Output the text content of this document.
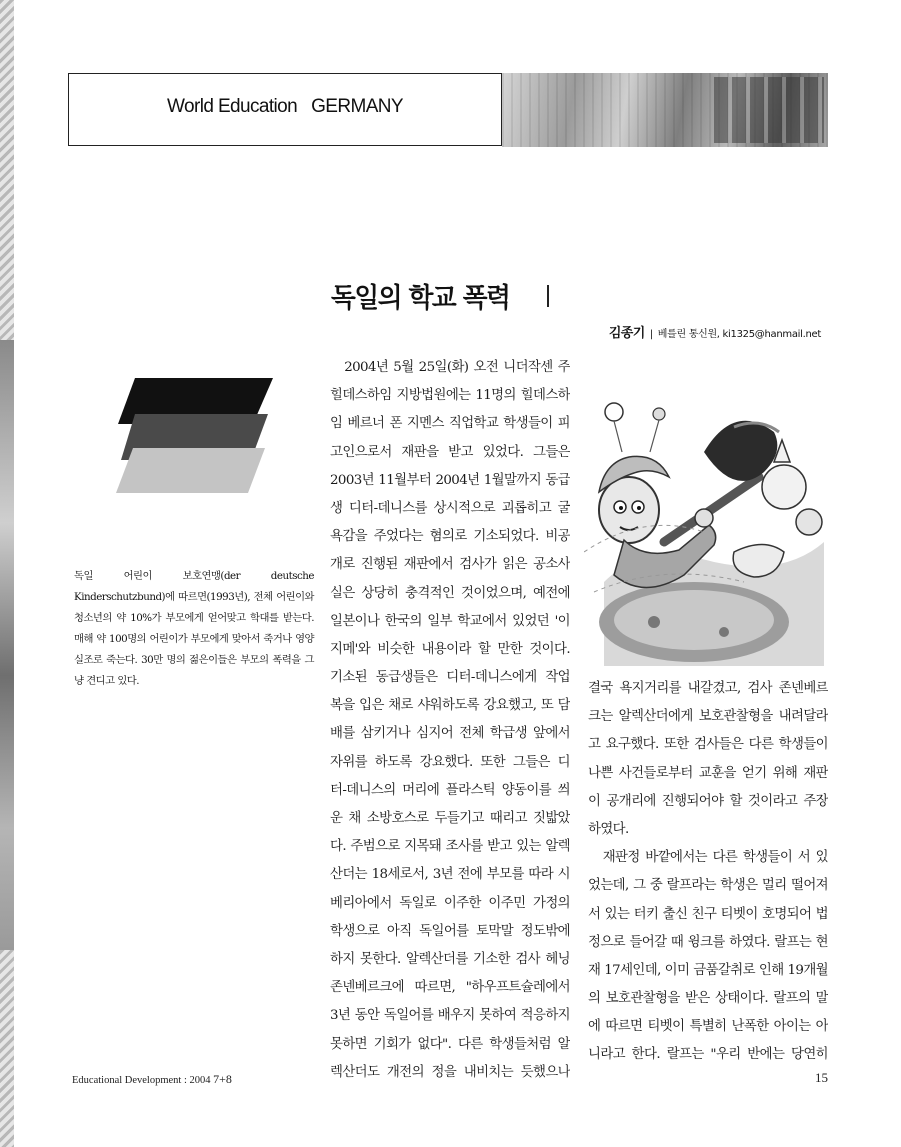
World Education   GERMANY
독일의 학교 폭력
김종기 | 베를린 통신원, ki1325@hanmail.net
독일 어린이 보호연맹(der deutsche Kinderschutzbund)에 따르면(1993년), 전체 어린이와 청소년의 약 10%가 부모에게 얻어맞고 학대를 받는다. 매해 약 100명의 어린이가 부모에게 맞아서 죽거나 영양실조로 죽는다. 30만 명의 젊은이들은 부모의 폭력을 그냥 견디고 있다.
　2004년 5월 25일(화) 오전 니더작센 주
힐데스하임 지방법원에는 11명의 힐데스하
임 베르너 폰 지멘스 직업학교 학생들이 피
고인으로서 재판을 받고 있었다. 그들은
2003년 11월부터 2004년 1월말까지 동급
생 디터-데니스를 상시적으로 괴롭히고 굴
욕감을 주었다는 혐의로 기소되었다. 비공
개로 진행된 재판에서 검사가 읽은 공소사
실은 상당히 충격적인 것이었으며, 예전에
일본이나 한국의 일부 학교에서 있었던 '이
지메'와 비슷한 내용이라 할 만한 것이다.
기소된 동급생들은 디터-데니스에게 작업
복을 입은 채로 샤워하도록 강요했고, 또 담
배를 삼키거나 심지어 전체 학급생 앞에서
자위를 하도록 강요했다. 또한 그들은 디
터-데니스의 머리에 플라스틱 양동이를 씌
운 채 소방호스로 두들기고 때리고 짓밟았
다. 주범으로 지목돼 조사를 받고 있는 알렉
산더는 18세로서, 3년 전에 부모를 따라 시
베리아에서 독일로 이주한 이주민 가정의
학생으로 아직 독일어를 토막말 정도밖에
하지 못한다. 알렉산더를 기소한 검사 헤닝
존넨베르크에 따르면, "하우프트슐레에서
3년 동안 독일어를 배우지 못하여 적응하지
못하면 기회가 없다". 다른 학생들처럼 알
렉산더도 개전의 정을 내비치는 듯했으나
결국 욕지거리를 내갈겼고, 검사 존넨베르
크는 알렉산더에게 보호관찰형을 내려달라
고 요구했다. 또한 검사들은 다른 학생들이
나쁜 사건들로부터 교훈을 얻기 위해 재판
이 공개리에 진행되어야 할 것이라고 주장
하였다.
　재판정 바깥에서는 다른 학생들이 서 있
었는데, 그 중 랄프라는 학생은 멀리 떨어져
서 있는 터키 출신 친구 티벳이 호명되어 법
정으로 들어갈 때 윙크를 하였다. 랄프는 현
재 17세인데, 이미 금품갈취로 인해 19개월
의 보호관찰형을 받은 상태이다. 랄프의 말
에 따르면 티벳이 특별히 난폭한 아이는 아
니라고 한다. 랄프는 "우리 반에는 당연히
Educational Development : 2004 7+8	15
